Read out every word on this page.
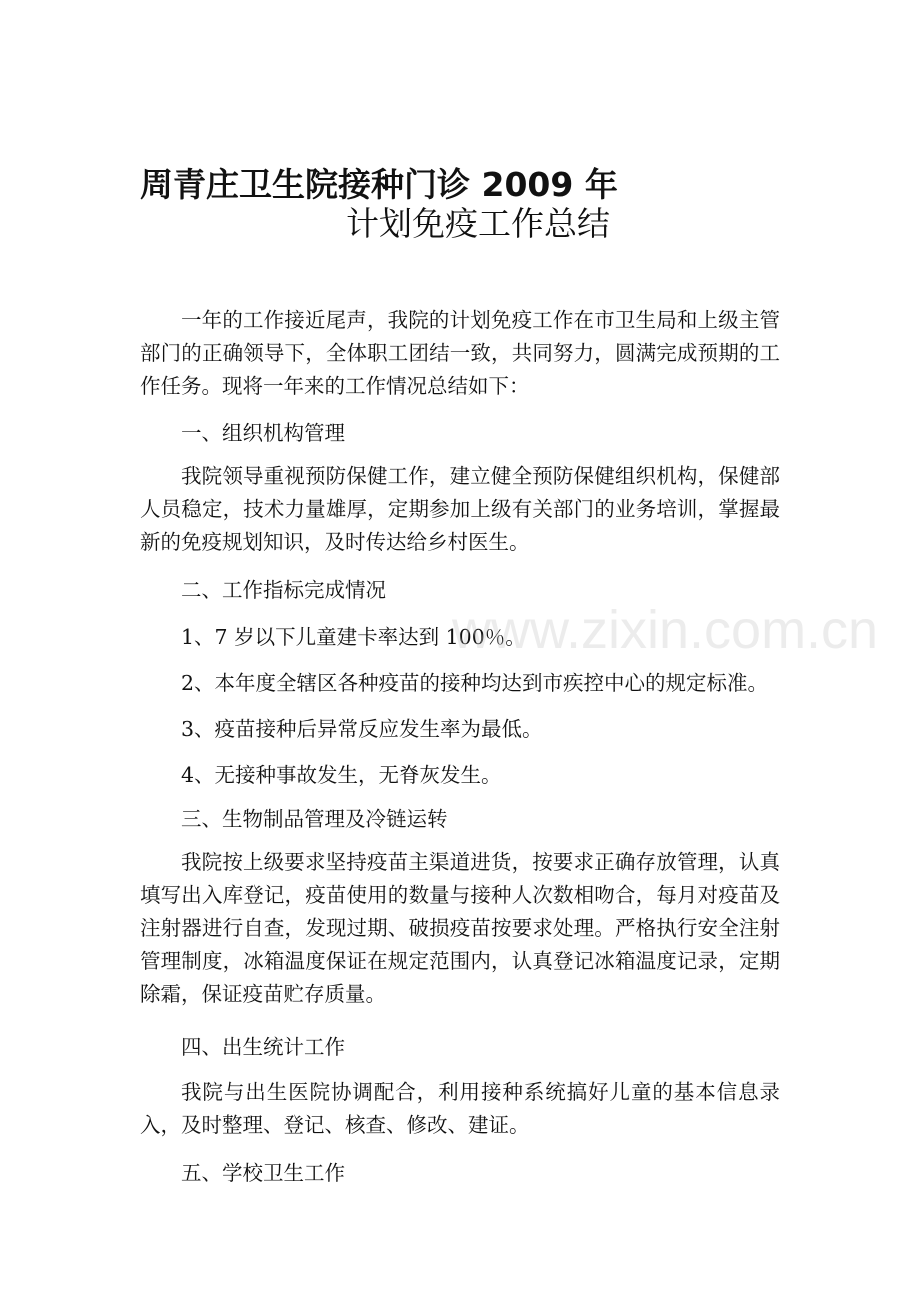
周青庄卫生院接种门诊 2009 年
计划免疫工作总结
一年的工作接近尾声，我院的计划免疫工作在市卫生局和上级主管部门的正确领导下，全体职工团结一致，共同努力，圆满完成预期的工作任务。现将一年来的工作情况总结如下：
一、组织机构管理
我院领导重视预防保健工作，建立健全预防保健组织机构，保健部人员稳定，技术力量雄厚，定期参加上级有关部门的业务培训，掌握最新的免疫规划知识，及时传达给乡村医生。
二、工作指标完成情况
1、7 岁以下儿童建卡率达到 100％。
2、本年度全辖区各种疫苗的接种均达到市疾控中心的规定标准。
3、疫苗接种后异常反应发生率为最低。
4、无接种事故发生，无脊灰发生。
三、生物制品管理及冷链运转
我院按上级要求坚持疫苗主渠道进货，按要求正确存放管理，认真填写出入库登记，疫苗使用的数量与接种人次数相吻合，每月对疫苗及注射器进行自查，发现过期、破损疫苗按要求处理。严格执行安全注射管理制度，冰箱温度保证在规定范围内，认真登记冰箱温度记录，定期除霜，保证疫苗贮存质量。
四、出生统计工作
我院与出生医院协调配合，利用接种系统搞好儿童的基本信息录入，及时整理、登记、核查、修改、建证。
五、学校卫生工作
www.zixin.com.cn
